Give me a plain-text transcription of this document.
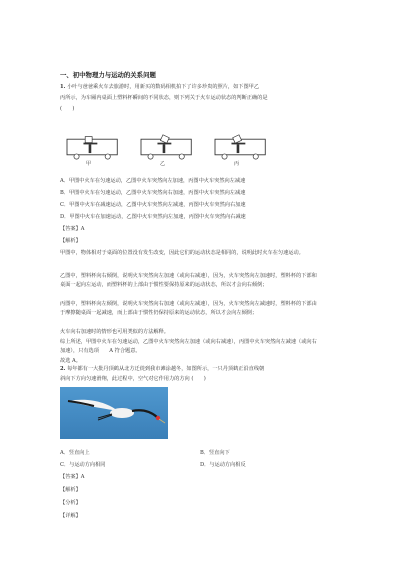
一、初中物理力与运动的关系问题
1. 小叶与爸爸乘火车去旅游时，用新买的数码相机拍下了许多珍贵的照片，如下图甲乙
丙所示，为车厢内桌面上塑料杯瞬间的不同状态，则下列关于火车运动状态的判断正确的是
(　　)
甲	乙	丙
A．甲图中火车在匀速运动，乙图中火车突然向左加速，丙图中火车突然向左减速
B．甲图中火车在匀速运动，乙图中火车突然向右加速，丙图中火车突然向左减速
C．甲图中火车在减速运动，乙图中火车突然向左减速，丙图中火车突然向右加速
D．甲图中火车在加速运动，乙图中火车突然向左加速，丙图中火车突然向右减速
【答案】A
【解析】
甲图中，物体相对于桌面的位置没有发生改变，因此它们的运动状态是相同的，说明此时火车在匀速运动。
乙图中，塑料杯向右倾倒，说明火车突然向左加速（或向右减速），因为，火车突然向左加速时，塑料杯的下部和桌面一起向左运动，而塑料杯的上部由于惯性要保持原来的运动状态，所以才会向右倾倒；
丙图中，塑料杯向左倾倒，说明火车突然向右加速（或向左减速），因为，火车突然向左减速时，塑料杯的下部由于摩擦随桌面一起减速，而上部由于惯性仍保持原来的运动状态，所以才会向左倾倒；
火车向右加速时的情形也可用类似的方法解释。
综上所述，甲图中火车在匀速运动，乙图中火车突然向左加速（或向右减速），丙图中火车突然向左减速（或向右加速），只有选项　　A 符合题意。
故选 A。
2. 每年都有一大批丹顶鹤从北方迁徙到我市滩涂越冬，如图所示，一只丹顶鹤正沿直线朝
斜向下方向匀速滑翔，此过程中，空气对它作用力的方向 (　　)
A．竖直向上	B．竖直向下
C．与运动方向相同	D．与运动方向相反
【答案】A
【解析】
【分析】
【详解】
